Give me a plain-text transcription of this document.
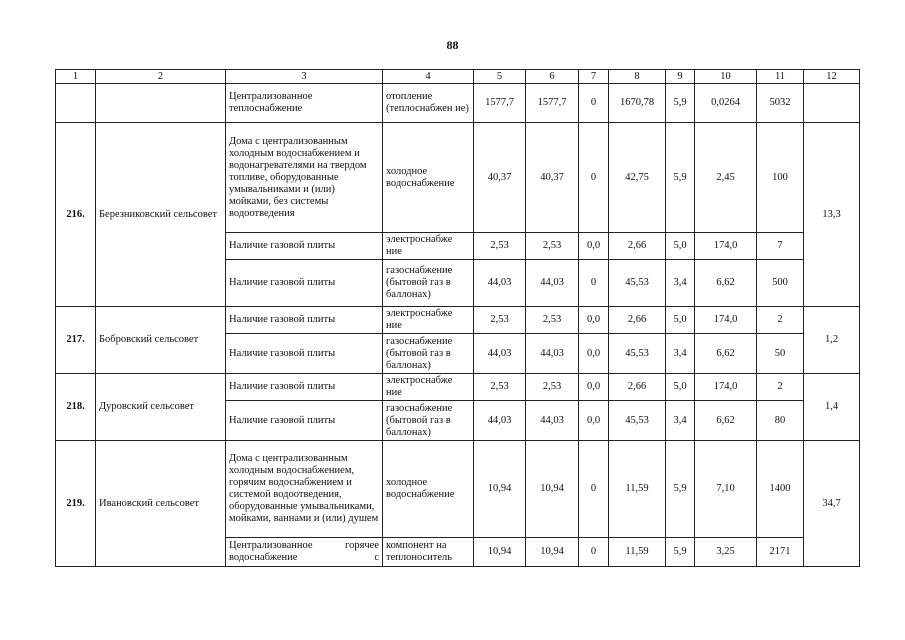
88
1	2	3	4	5	6	7	8	9	10	11	12
		Централизованное теплоснабжение	отопление (теплоснабжен ие)	1577,7	1577,7	0	1670,78	5,9	0,0264	5032	
216.	Березниковский сельсовет	Дома с централизованным холодным водоснабжением и водонагревателями на твердом топливе, оборудованные умывальниками и (или) мойками, без системы водоотведения	холодное водоснабжение	40,37	40,37	0	42,75	5,9	2,45	100	13,3
		Наличие газовой плиты	электроснабже ние	2,53	2,53	0,0	2,66	5,0	174,0	7	
		Наличие газовой плиты	газоснабжение (бытовой газ в баллонах)	44,03	44,03	0	45,53	3,4	6,62	500	
217.	Бобровский сельсовет	Наличие газовой плиты	электроснабже ние	2,53	2,53	0,0	2,66	5,0	174,0	2	1,2
		Наличие газовой плиты	газоснабжение (бытовой газ в баллонах)	44,03	44,03	0,0	45,53	3,4	6,62	50	
218.	Дуровский сельсовет	Наличие газовой плиты	электроснабже ние	2,53	2,53	0,0	2,66	5,0	174,0	2	1,4
		Наличие газовой плиты	газоснабжение (бытовой газ в баллонах)	44,03	44,03	0,0	45,53	3,4	6,62	80	
219.	Ивановский сельсовет	Дома с централизованным холодным водоснабжением, горячим водоснабжением и системой водоотведения, оборудованные умывальниками, мойками, ваннами и (или) душем	холодное водоснабжение	10,94	10,94	0	11,59	5,9	7,10	1400	34,7
		Централизованное горячее водоснабжение с	компонент на теплоноситель	10,94	10,94	0	11,59	5,9	3,25	2171	
